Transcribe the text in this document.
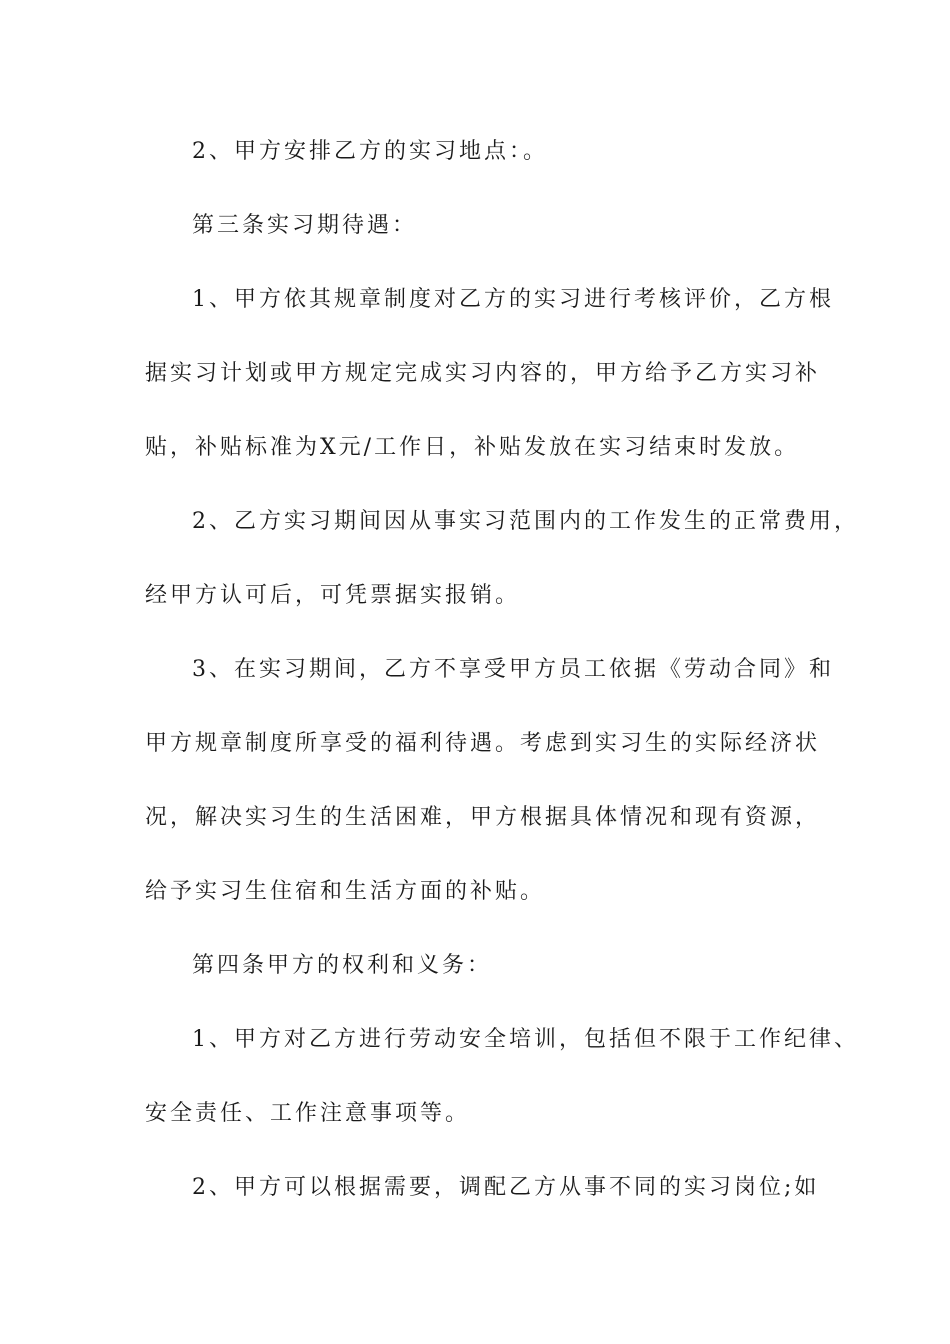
2、甲方安排乙方的实习地点：。
第三条实习期待遇：
1、甲方依其规章制度对乙方的实习进行考核评价，乙方根
据实习计划或甲方规定完成实习内容的，甲方给予乙方实习补
贴，补贴标准为X元/工作日，补贴发放在实习结束时发放。
2、乙方实习期间因从事实习范围内的工作发生的正常费用，
经甲方认可后，可凭票据实报销。
3、在实习期间，乙方不享受甲方员工依据《劳动合同》和
甲方规章制度所享受的福利待遇。考虑到实习生的实际经济状
况，解决实习生的生活困难，甲方根据具体情况和现有资源，
给予实习生住宿和生活方面的补贴。
第四条甲方的权利和义务：
1、甲方对乙方进行劳动安全培训，包括但不限于工作纪律、
安全责任、工作注意事项等。
2、甲方可以根据需要，调配乙方从事不同的实习岗位;如
